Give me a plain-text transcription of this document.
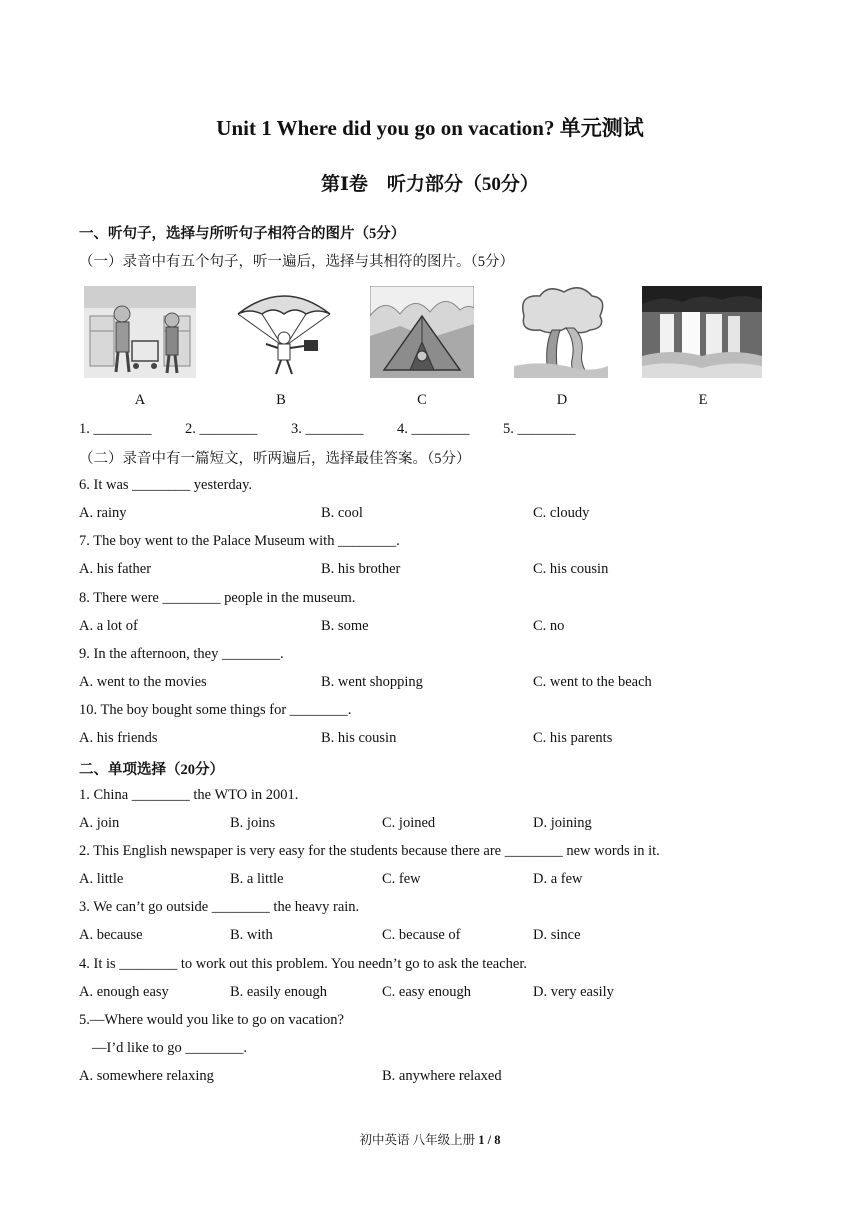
Unit 1 Where did you go on vacation? 单元测试
第Ⅰ卷　听力部分（50分）
一、听句子，选择与所听句子相符合的图片（5分）
（一）录音中有五个句子，听一遍后，选择与其相符的图片。（5分）
A	B	C	D	E
1. ________ 2. ________ 3. ________ 4. ________ 5. ________
（二）录音中有一篇短文，听两遍后，选择最佳答案。（5分）
6. It was ________ yesterday.
A. rainy	B. cool	C. cloudy
7. The boy went to the Palace Museum with ________.
A. his father	B. his brother	C. his cousin
8. There were ________ people in the museum.
A. a lot of	B. some	C. no
9. In the afternoon, they ________.
A. went to the movies	B. went shopping	C. went to the beach
10. The boy bought some things for ________.
A. his friends	B. his cousin	C. his parents
二、单项选择（20分）
1. China ________ the WTO in 2001.
A. join	B. joins	C. joined	D. joining
2. This English newspaper is very easy for the students because there are ________ new words in it.
A. little	B. a little	C. few	D. a few
3. We can’t go outside ________ the heavy rain.
A. because	B. with	C. because of	D. since
4. It is ________ to work out this problem. You needn’t go to ask the teacher.
A. enough easy	B. easily enough	C. easy enough	D. very easily
5.—Where would you like to go on vacation?
—I’d like to go ________.
A. somewhere relaxing	B. anywhere relaxed
初中英语 八年级上册 1 / 8
